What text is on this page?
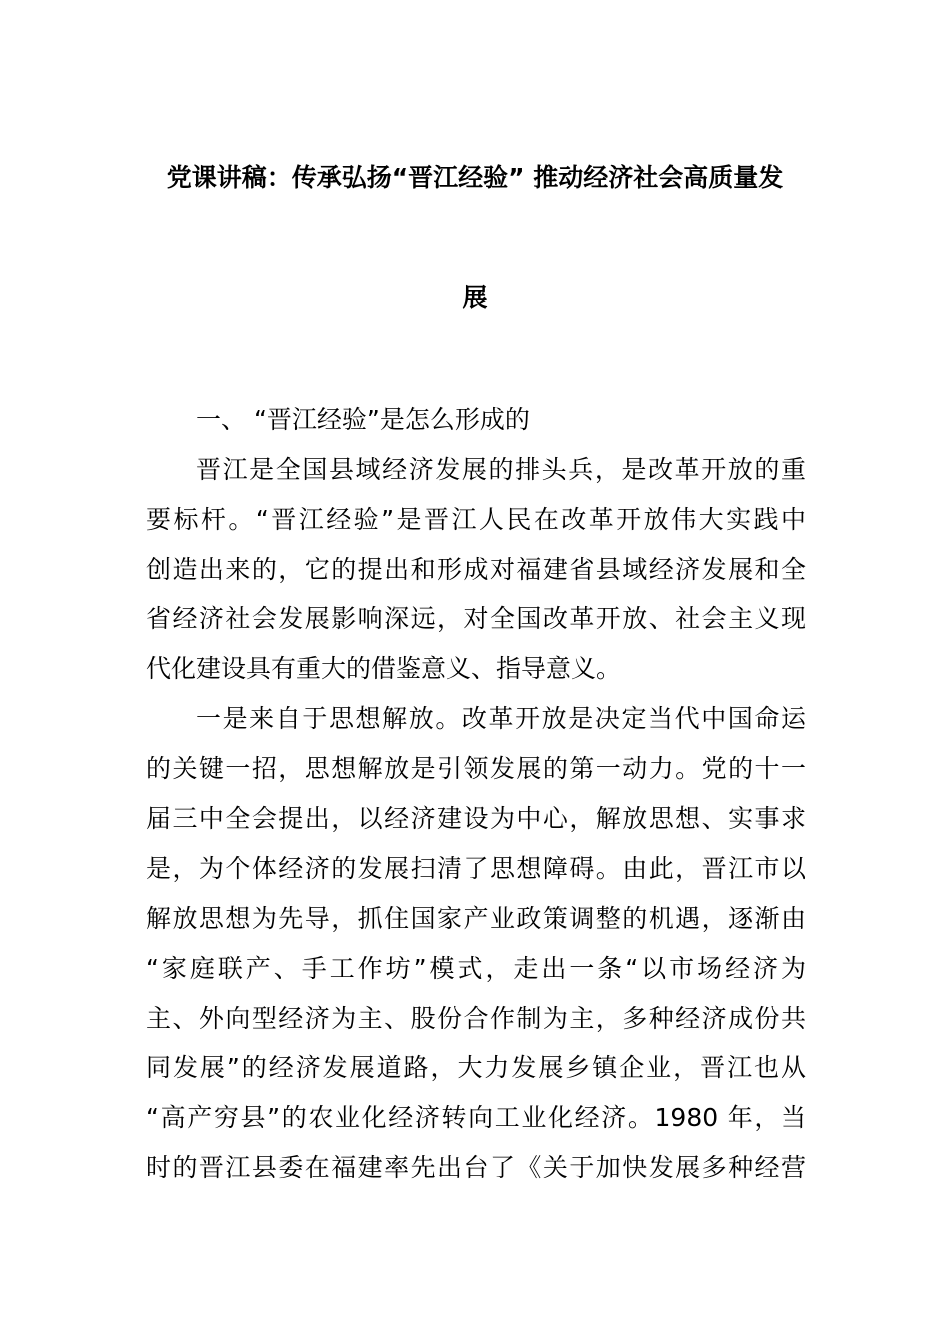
党课讲稿：传承弘扬“晋江经验” 推动经济社会高质量发
展
一、 “晋江经验”是怎么形成的
晋江是全国县域经济发展的排头兵，是改革开放的重
要标杆。“晋江经验”是晋江人民在改革开放伟大实践中
创造出来的，它的提出和形成对福建省县域经济发展和全
省经济社会发展影响深远，对全国改革开放、社会主义现
代化建设具有重大的借鉴意义、指导意义。
一是来自于思想解放。改革开放是决定当代中国命运
的关键一招，思想解放是引领发展的第一动力。党的十一
届三中全会提出，以经济建设为中心，解放思想、实事求
是，为个体经济的发展扫清了思想障碍。由此，晋江市以
解放思想为先导，抓住国家产业政策调整的机遇，逐渐由
“家庭联产、手工作坊”模式，走出一条“以市场经济为
主、外向型经济为主、股份合作制为主，多种经济成份共
同发展”的经济发展道路，大力发展乡镇企业，晋江也从
“高产穷县”的农业化经济转向工业化经济。1980 年，当
时的晋江县委在福建率先出台了《关于加快发展多种经营
